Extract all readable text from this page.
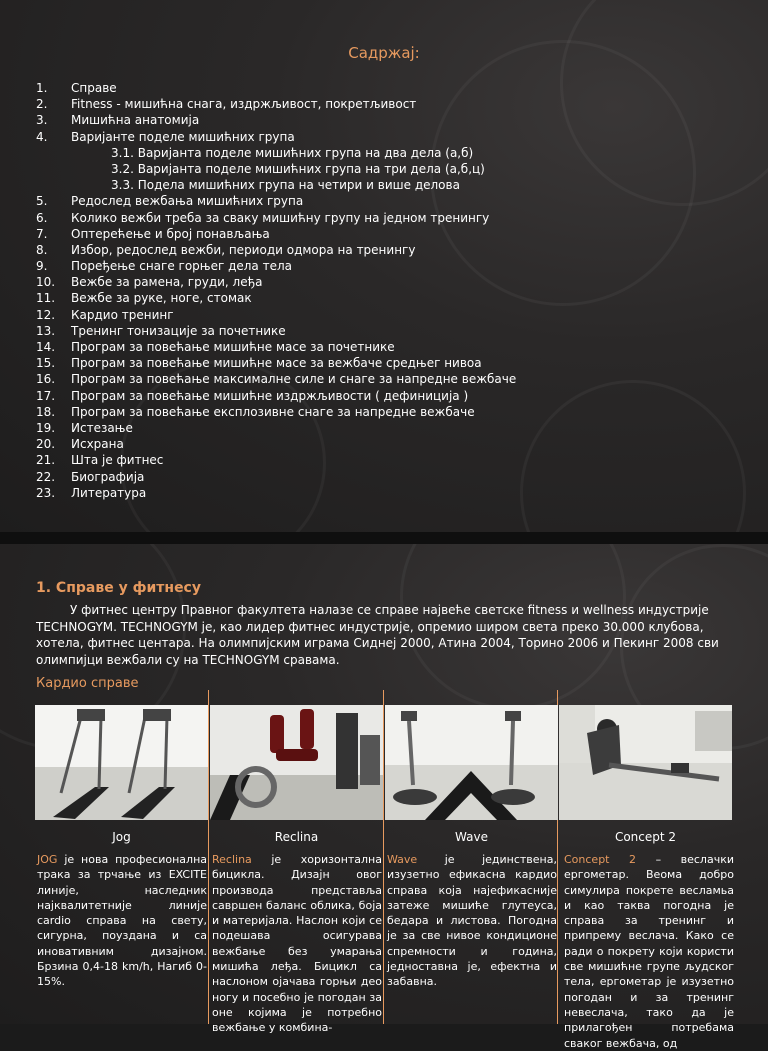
Садржај:
1. Справе
2. Fitness - мишићна снага, издржљивост, покретљивост
3. Мишићна анатомија
4. Варијанте поделе мишићних група
3.1. Варијанта поделе мишићних група на два дела (а,б)
3.2. Варијанта поделе мишићних група на три дела (а,б,ц)
3.3. Подела мишићних група на четири и више делова
5. Редослед вежбања мишићних група
6. Колико вежби треба за сваку мишићну групу на једном тренингу
7. Оптерећење и број понављања
8. Избор, редослед вежби, периоди одмора на тренингу
9. Поређење снаге горњег дела тела
10. Вежбе за рамена, груди, леђа
11. Вежбе за руке, ноге, стомак
12. Кардио тренинг
13. Тренинг тонизације за почетнике
14. Програм за повећање мишићне масе за почетнике
15. Програм за повећање мишићне масе за вежбаче средњег нивоа
16. Програм за повећање максималне силе и снаге за напредне вежбаче
17. Програм за повећање мишићне издржљивости ( дефиниција )
18. Програм за повећање експлозивне снаге за напредне вежбаче
19. Истезање
20. Исхрана
21. Шта је фитнес
22. Биографија
23. Литература
1. Справе у фитнесу

У фитнес центру Правног факултета налазе се справе највеће светске fitness и wellness индустрије TECHNOGYM. TECHNOGYM je, као лидер фитнес индустрије, опремио широм света преко 30.000 клубова, хотела, фитнес центара. На олимпијским играма Сиднеј 2000, Атина 2004, Торино 2006 и Пекинг 2008 сви олимпијци вежбали су на TECHNOGYM сравама.

Кардио справе
Jog	Reclina	Wave	Concept 2

JOG је нова професионална трака за трчање из EXCITE линије, наследник најквалитетније линије cardio справа на свету, сигурна, поуздана и са иновативним дизајном. Брзина 0,4-18 km/h, Нагиб 0-15%.

Reclina је хоризонтална бицикла. Дизајн овог производа представља савршен баланс облика, боја и материјала. Наслон који се подешава осигурава вежбање без умарања мишића леђа. Бицикл са наслоном ојачава горњи део ногу и посебно је погодан за оне којима је потребно вежбање у комбина-

Wave је јединствена, изузетно ефикасна кардио справа која најефикасније затеже мишиће глутеуса, бедара и листова. Погодна је за све нивое кондиционе спремности и година, једноставна је, ефектна и забавна.

Concept 2 – веслачки ергометар. Веома добро симулира покрете весламьа и као таква погодна је справа за тренинг и припрему веслача. Како се ради о покрету који користи све мишићне групе људског тела, ергометар је изузетно погодан и за тренинг невеслача, тако да је прилагођен потребама сваког вежбача, од
